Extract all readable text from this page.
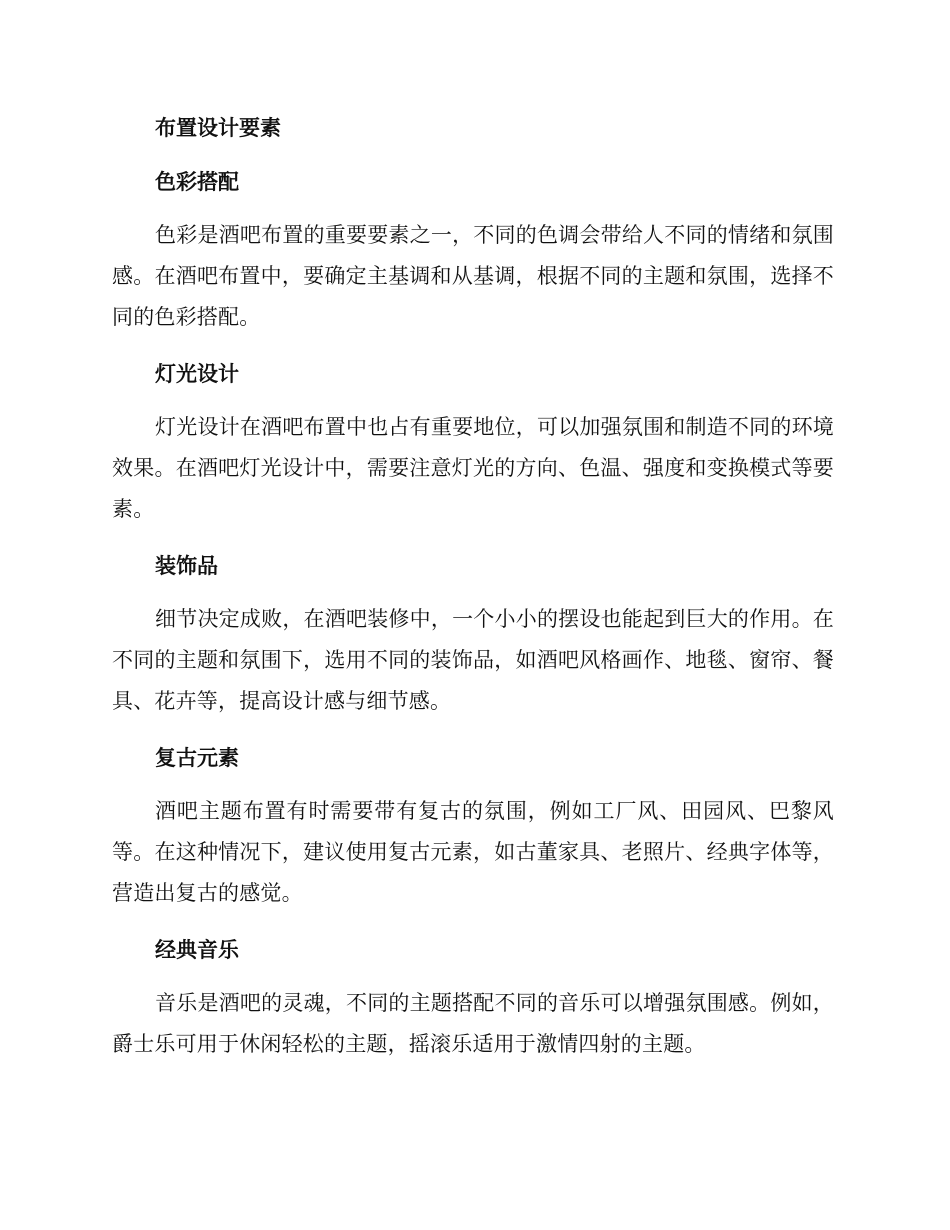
布置设计要素
色彩搭配

色彩是酒吧布置的重要要素之一，不同的色调会带给人不同的情绪和氛围感。在酒吧布置中，要确定主基调和从基调，根据不同的主题和氛围，选择不同的色彩搭配。

灯光设计

灯光设计在酒吧布置中也占有重要地位，可以加强氛围和制造不同的环境效果。在酒吧灯光设计中，需要注意灯光的方向、色温、强度和变换模式等要素。

装饰品

细节决定成败，在酒吧装修中，一个小小的摆设也能起到巨大的作用。在不同的主题和氛围下，选用不同的装饰品，如酒吧风格画作、地毯、窗帘、餐具、花卉等，提高设计感与细节感。

复古元素

酒吧主题布置有时需要带有复古的氛围，例如工厂风、田园风、巴黎风等。在这种情况下，建议使用复古元素，如古董家具、老照片、经典字体等，营造出复古的感觉。

经典音乐

音乐是酒吧的灵魂，不同的主题搭配不同的音乐可以增强氛围感。例如，爵士乐可用于休闲轻松的主题，摇滚乐适用于激情四射的主题。
